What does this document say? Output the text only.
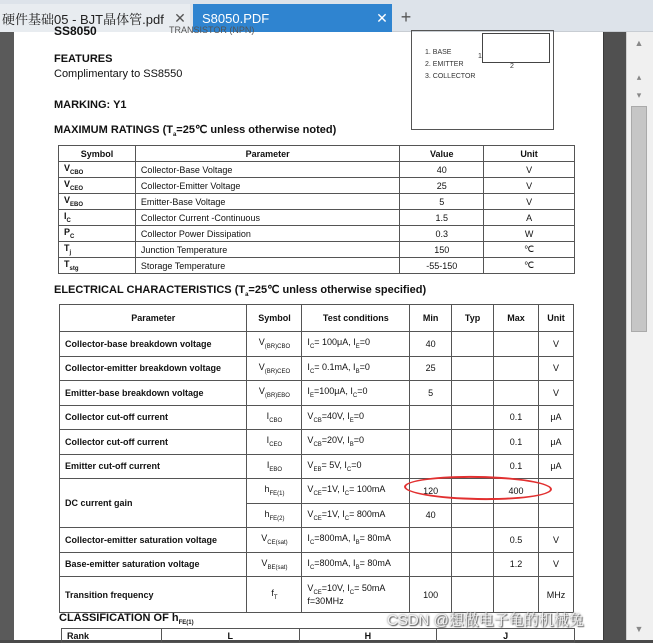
硬件基础05 - BJT晶体管.pdf ✕	S8050.PDF	✕ +
SS8050	TRANSISTOR (NPN)
1. BASE
2. EMITTER
3. COLLECTOR
1
2
FEATURES
Complimentary to SS8550
MARKING: Y1
MAXIMUM RATINGS ($T_a=25℃$ unless otherwise noted)
Symbol	Parameter	Value	Unit
$V_{CBO}$	Collector-Base Voltage	40	V
$V_{CEO}$	Collector-Emitter Voltage	25	V
$V_{EBO}$	Emitter-Base Voltage	5	V
$I_C$	Collector Current -Continuous	1.5	A
$P_C$	Collector Power Dissipation	0.3	W
$T_j$	Junction Temperature	150	℃
$T_{stg}$	Storage Temperature	-55-150	℃
ELECTRICAL CHARACTERISTICS ($T_a=25℃$ unless otherwise specified)
Parameter	Symbol	Test conditions	Min	Typ	Max	Unit
Collector-base breakdown voltage	$V_{(BR)CBO}$	$I_C= 100\mu A$, $I_E=0$	40			V
Collector-emitter breakdown voltage	$V_{(BR)CEO}$	$I_C= 0.1mA$, $I_B=0$	25			V
Emitter-base breakdown voltage	$V_{(BR)EBO}$	$I_E=100\mu A$, $I_C=0$	5			V
Collector cut-off current	$I_{CBO}$	$V_{CB}=40V$, $I_E=0$			0.1	μA
Collector cut-off current	$I_{CEO}$	$V_{CB}=20V$, $I_B=0$			0.1	μA
Emitter cut-off current	$I_{EBO}$	$V_{EB}= 5V$, $I_C=0$			0.1	μA
DC current gain	$h_{FE(1)}$	$V_{CE}=1V$, $I_C= 100mA$	120		400	
	$h_{FE(2)}$	$V_{CE}=1V$, $I_C= 800mA$	40			
Collector-emitter saturation voltage	$V_{CE(sat)}$	$I_C=800mA$, $I_B= 80mA$			0.5	V
Base-emitter saturation voltage	$V_{BE(sat)}$	$I_C=800mA$, $I_B= 80mA$			1.2	V
Transition frequency	$f_T$	$V_{CE}=10V$, $I_C= 50mA$
f=30MHz	100			MHz
CLASSIFICATION OF $h_{FE(1)}$
Rank	L	H	J
▲
▴
▾
▼
CSDN @想做电子龟的机械兔
